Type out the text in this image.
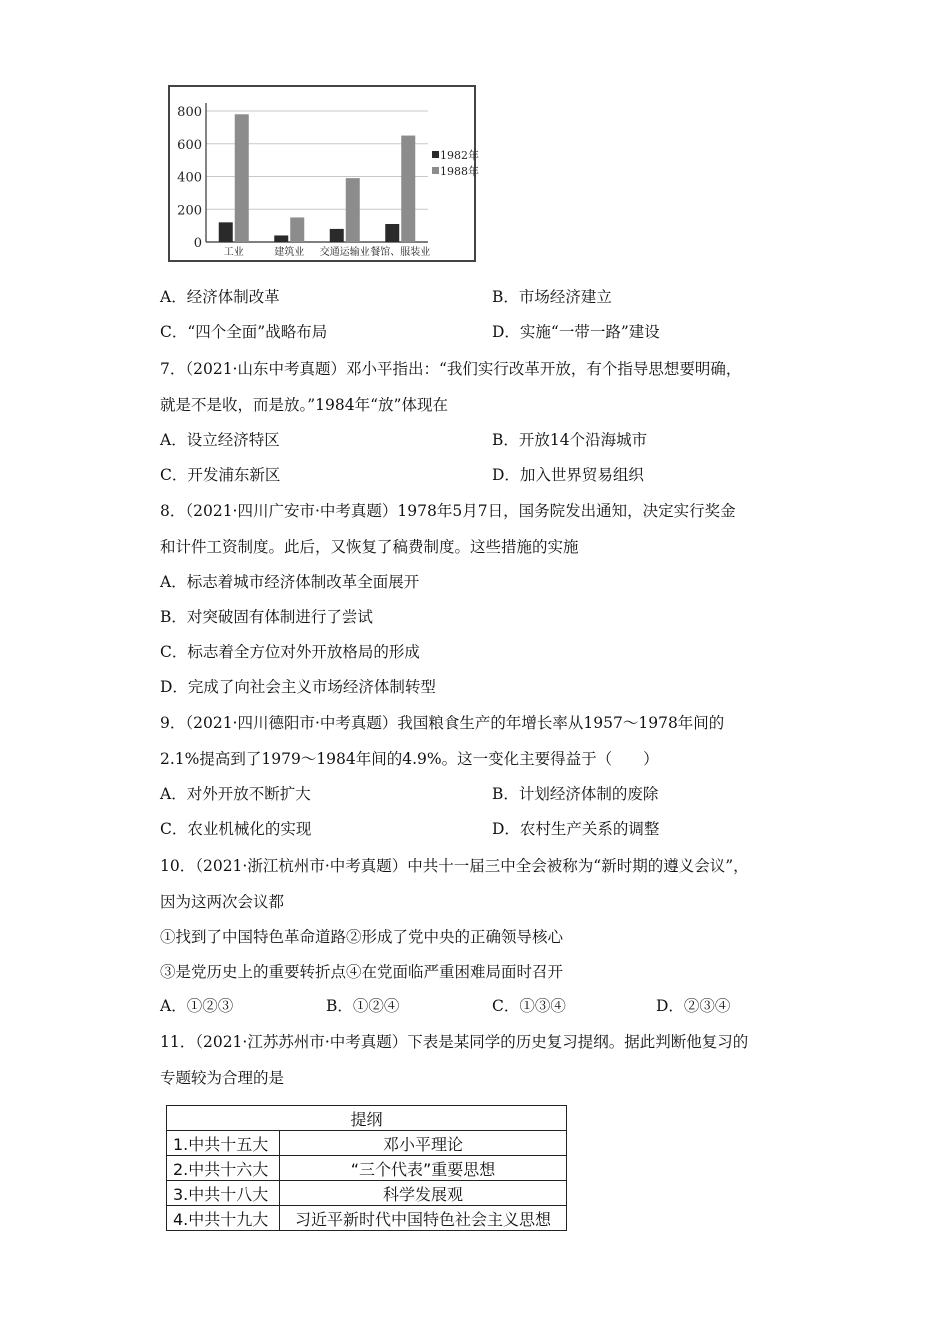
800
600
400
200
0
工业	建筑业 交通运输业 餐馆、服装业
1982年
1988年
A．经济体制改革	B．市场经济建立
C．“四个全面”战略布局	D．实施“一带一路”建设
7．（2021·山东中考真题）邓小平指出：“我们实行改革开放，有个指导思想要明确，
就是不是收，而是放。”1984年“放”体现在
A．设立经济特区	B．开放14个沿海城市
C．开发浦东新区	D．加入世界贸易组织
8．（2021·四川广安市·中考真题）1978年5月7日，国务院发出通知，决定实行奖金
和计件工资制度。此后，又恢复了稿费制度。这些措施的实施
A．标志着城市经济体制改革全面展开
B．对突破固有体制进行了尝试
C．标志着全方位对外开放格局的形成
D．完成了向社会主义市场经济体制转型
9．（2021·四川德阳市·中考真题）我国粮食生产的年增长率从1957～1978年间的
2.1%提高到了1979～1984年间的4.9%。这一变化主要得益于（　　）
A．对外开放不断扩大	B．计划经济体制的废除
C．农业机械化的实现	D．农村生产关系的调整
10．（2021·浙江杭州市·中考真题）中共十一届三中全会被称为“新时期的遵义会议”，
因为这两次会议都
①找到了中国特色革命道路②形成了党中央的正确领导核心
③是党历史上的重要转折点④在党面临严重困难局面时召开
A．①②③	B．①②④	C．①③④	D．②③④
11．（2021·江苏苏州市·中考真题）下表是某同学的历史复习提纲。据此判断他复习的
专题较为合理的是
提纲	
1.中共十五大	邓小平理论
2.中共十六大	“三个代表”重要思想
3.中共十八大	科学发展观
4.中共十九大	习近平新时代中国特色社会主义思想
